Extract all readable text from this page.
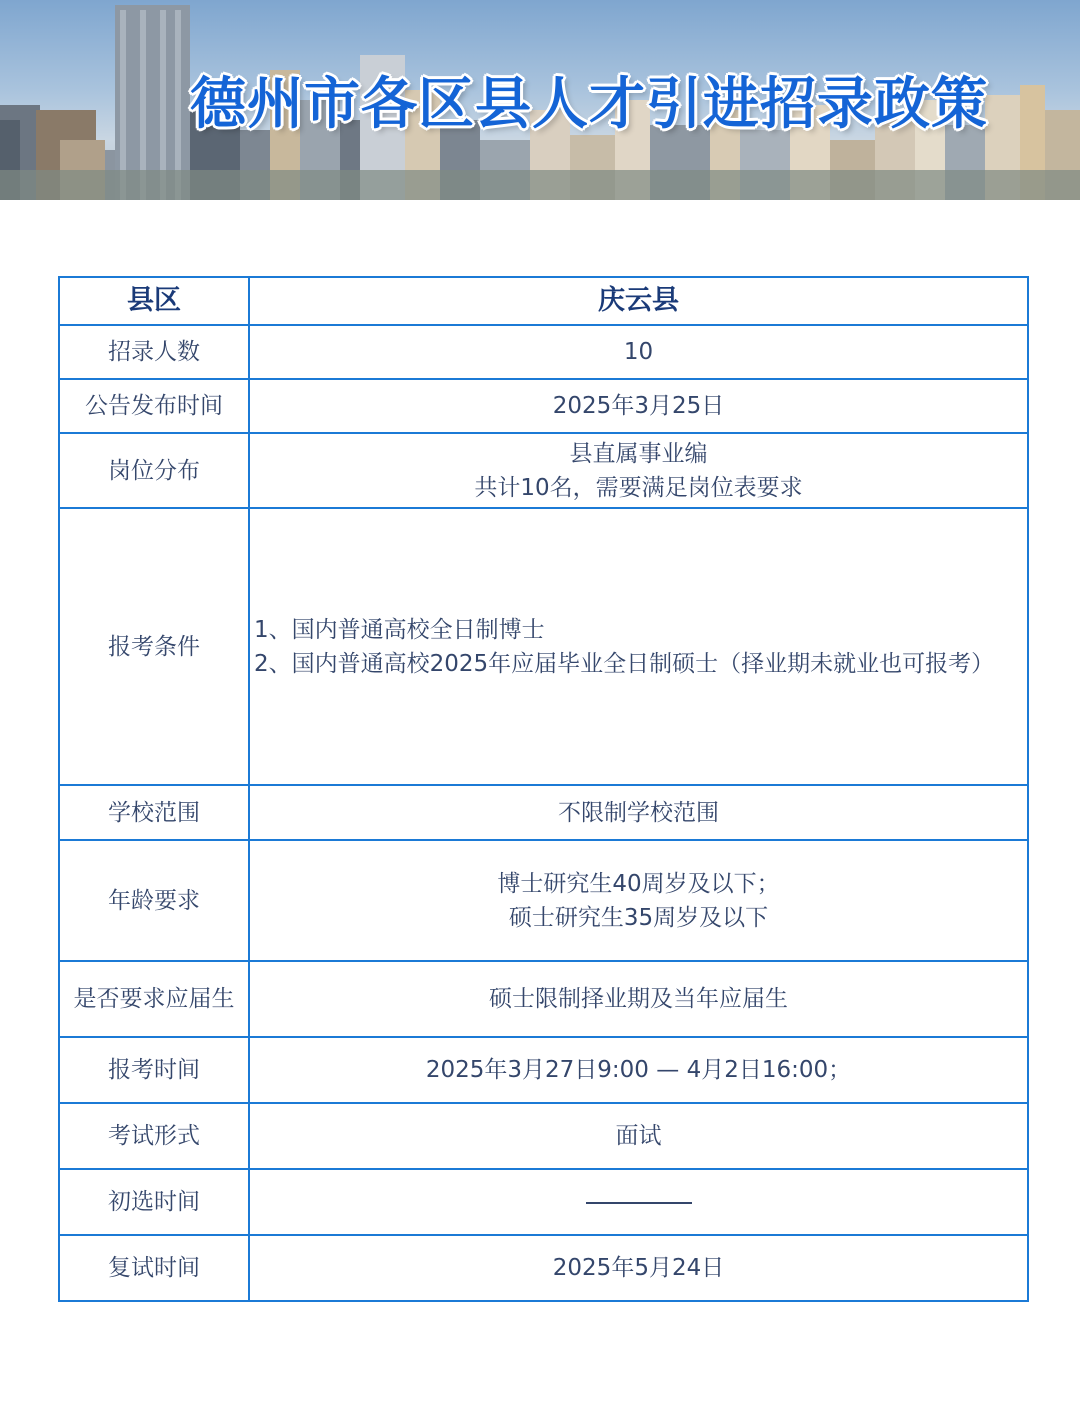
德州市各区县人才引进招录政策
县区	庆云县
招录人数	10
公告发布时间	2025年3月25日
岗位分布	县直属事业编
共计10名，需要满足岗位表要求

报考条件	1、国内普通高校全日制博士
2、国内普通高校2025年应届毕业全日制硕士（择业期未就业也可报考）

学校范围	不限制学校范围
年龄要求	博士研究生40周岁及以下；
硕士研究生35周岁及以下

是否要求应届生	硕士限制择业期及当年应届生
报考时间	2025年3月27日9:00 — 4月2日16:00；
考试形式	面试
初选时间	
复试时间	2025年5月24日
